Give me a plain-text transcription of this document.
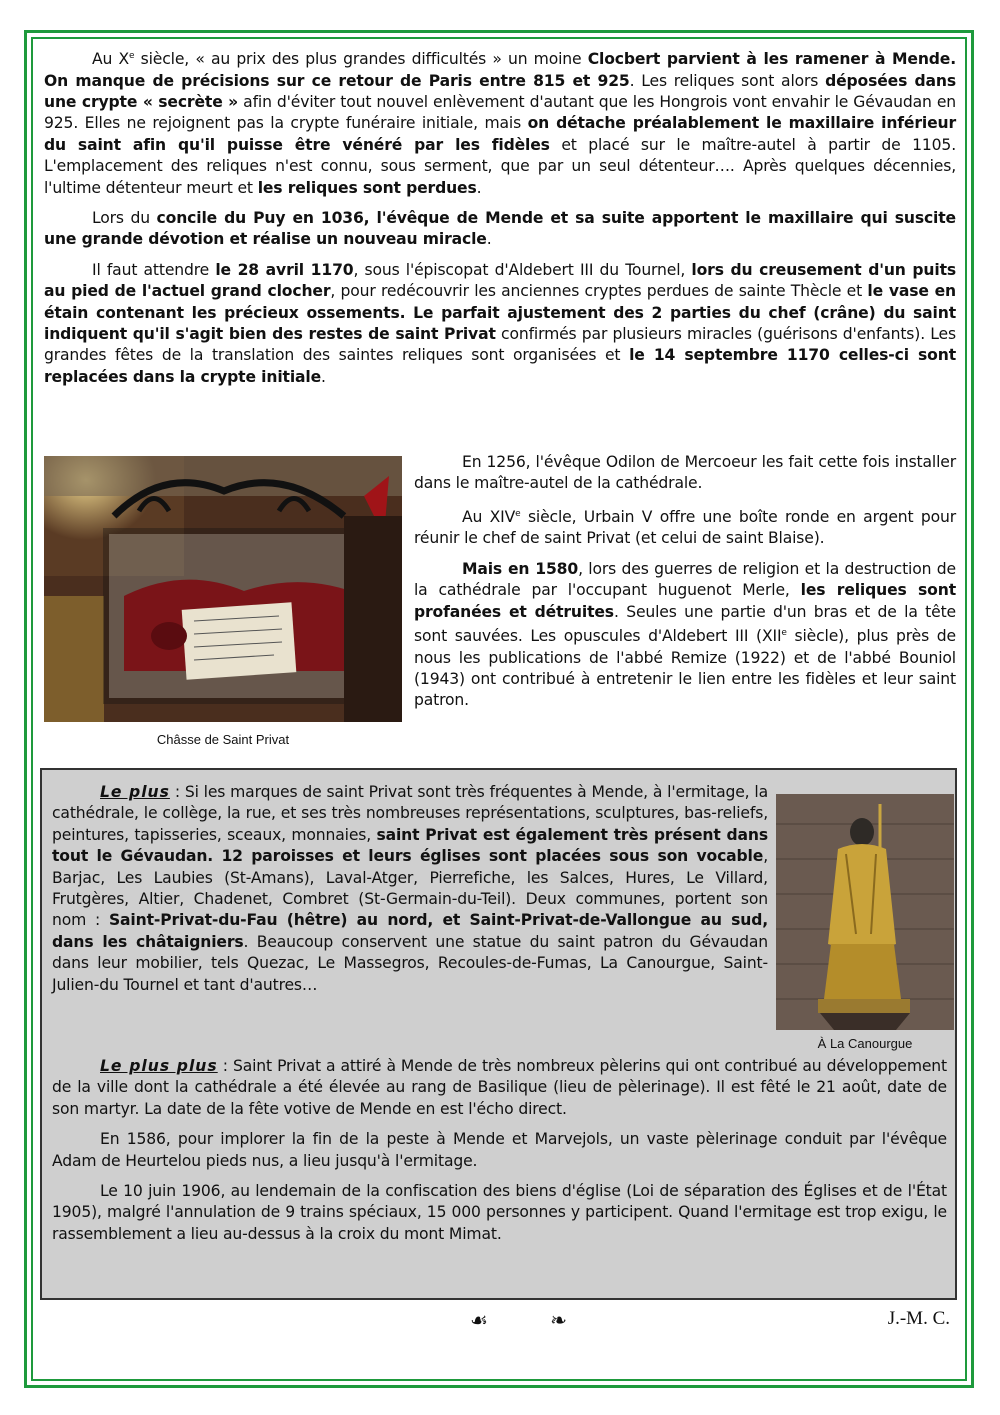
Au Xe siècle, « au prix des plus grandes difficultés » un moine Clocbert parvient à les ramener à Mende. On manque de précisions sur ce retour de Paris entre 815 et 925. Les reliques sont alors déposées dans une crypte « secrète » afin d'éviter tout nouvel enlèvement d'autant que les Hongrois vont envahir le Gévaudan en 925. Elles ne rejoignent pas la crypte funéraire initiale, mais on détache préalablement le maxillaire inférieur du saint afin qu'il puisse être vénéré par les fidèles et placé sur le maître-autel à partir de 1105. L'emplacement des reliques n'est connu, sous serment, que par un seul détenteur…. Après quelques décennies, l'ultime détenteur meurt et les reliques sont perdues.

Lors du concile du Puy en 1036, l'évêque de Mende et sa suite apportent le maxillaire qui suscite une grande dévotion et réalise un nouveau miracle.

Il faut attendre le 28 avril 1170, sous l'épiscopat d'Aldebert III du Tournel, lors du creusement d'un puits au pied de l'actuel grand clocher, pour redécouvrir les anciennes cryptes perdues de sainte Thècle et le vase en étain contenant les précieux ossements. Le parfait ajustement des 2 parties du chef (crâne) du saint indiquent qu'il s'agit bien des restes de saint Privat confirmés par plusieurs miracles (guérisons d'enfants). Les grandes fêtes de la translation des saintes reliques sont organisées et le 14 septembre 1170 celles-ci sont replacées dans la crypte initiale.

Châsse de Saint Privat

En 1256, l'évêque Odilon de Mercoeur les fait cette fois installer dans le maître-autel de la cathédrale.

Au XIVe siècle, Urbain V offre une boîte ronde en argent pour réunir le chef de saint Privat (et celui de saint Blaise).

Mais en 1580, lors des guerres de religion et la destruction de la cathédrale par l'occupant huguenot Merle, les reliques sont profanées et détruites. Seules une partie d'un bras et de la tête sont sauvées. Les opuscules d'Aldebert III (XIIe siècle), plus près de nous les publications de l'abbé Remize (1922) et de l'abbé Bouniol (1943) ont contribué à entretenir le lien entre les fidèles et leur saint patron.

Le plus : Si les marques de saint Privat sont très fréquentes à Mende, à l'ermitage, la cathédrale, le collège, la rue, et ses très nombreuses représentations, sculptures, bas-reliefs, peintures, tapisseries, sceaux, monnaies, saint Privat est également très présent dans tout le Gévaudan. 12 paroisses et leurs églises sont placées sous son vocable, Barjac, Les Laubies (St-Amans), Laval-Atger, Pierrefiche, les Salces, Hures, Le Villard, Frutgères, Altier, Chadenet, Combret (St-Germain-du-Teil). Deux communes, portent son nom : Saint-Privat-du-Fau (hêtre) au nord, et Saint-Privat-de-Vallongue au sud, dans les châtaigniers. Beaucoup conservent une statue du saint patron du Gévaudan dans leur mobilier, tels Quezac, Le Massegros, Recoules-de-Fumas, La Canourgue, Saint-Julien-du Tournel et tant d'autres…

À La Canourgue

Le plus plus : Saint Privat a attiré à Mende de très nombreux pèlerins qui ont contribué au développement de la ville dont la cathédrale a été élevée au rang de Basilique (lieu de pèlerinage). Il est fêté le 21 août, date de son martyr. La date de la fête votive de Mende en est l'écho direct.

En 1586, pour implorer la fin de la peste à Mende et Marvejols, un vaste pèlerinage conduit par l'évêque Adam de Heurtelou pieds nus, a lieu jusqu'à l'ermitage.

Le 10 juin 1906, au lendemain de la confiscation des biens d'église (Loi de séparation des Églises et de l'État 1905), malgré l'annulation de 9 trains spéciaux, 15 000 personnes y participent. Quand l'ermitage est trop exigu, le rassemblement a lieu au-dessus à la croix du mont Mimat.

☙ ❧	J.-M. C.
